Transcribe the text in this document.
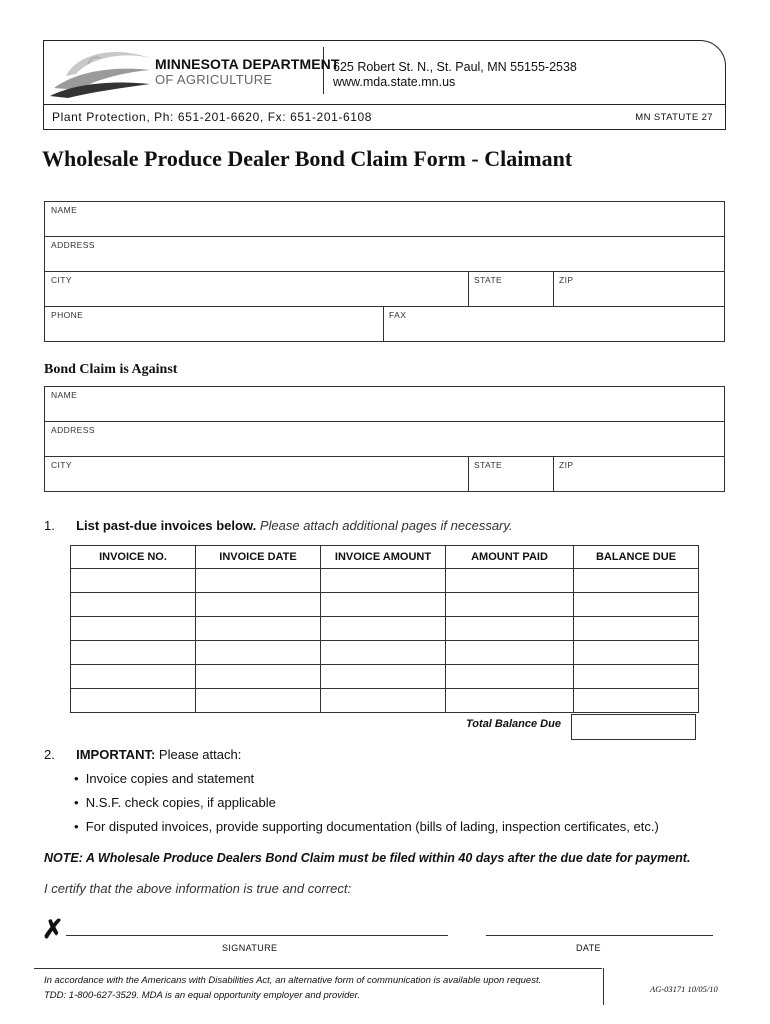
MINNESOTA DEPARTMENT
OF AGRICULTURE
625 Robert St. N., St. Paul, MN 55155-2538
www.mda.state.mn.us
Plant Protection, Ph: 651-201-6620, Fx: 651-201-6108	MN STATUTE 27
Wholesale Produce Dealer Bond Claim Form - Claimant
NAME
ADDRESS
CITY	STATE	ZIP
PHONE	FAX
Bond Claim is Against
NAME
ADDRESS
CITY	STATE	ZIP
1. List past-due invoices below. Please attach additional pages if necessary.
INVOICE NO.	INVOICE DATE	INVOICE AMOUNT	AMOUNT PAID	BALANCE DUE

Total Balance Due
2. IMPORTANT: Please attach:
•  Invoice copies and statement
•  N.S.F. check copies, if applicable
•  For disputed invoices, provide supporting documentation (bills of lading, inspection certificates, etc.)
NOTE: A Wholesale Produce Dealers Bond Claim must be filed within 40 days after the due date for payment.
I certify that the above information is true and correct:
✗
SIGNATURE	DATE
In accordance with the Americans with Disabilities Act, an alternative form of communication is available upon request.
TDD: 1-800-627-3529. MDA is an equal opportunity employer and provider.
AG-03171 10/05/10
